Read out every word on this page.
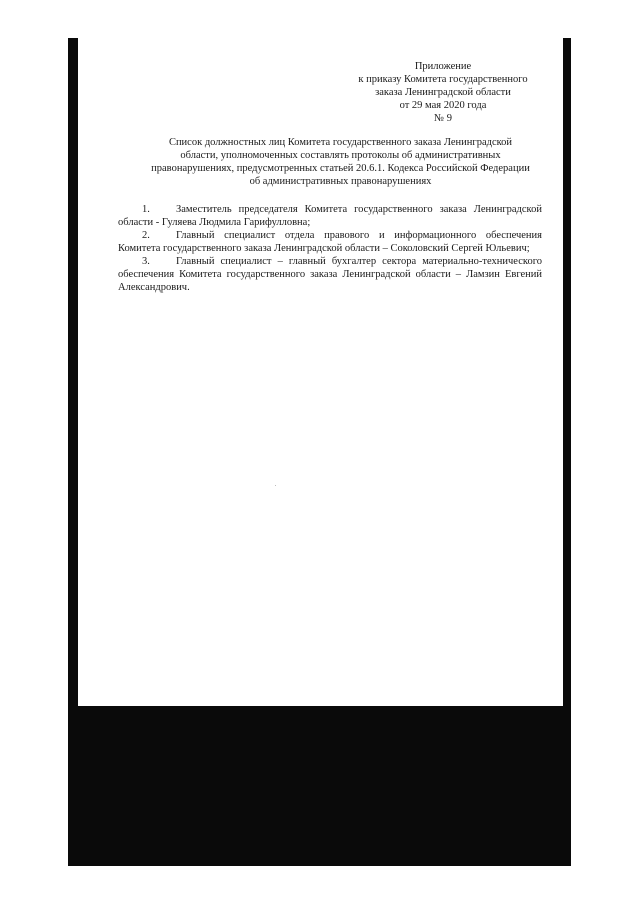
Приложение
к приказу Комитета государственного
заказа Ленинградской области
от 29 мая 2020 года
№ 9
Список должностных лиц Комитета государственного заказа Ленинградской
области, уполномоченных составлять протоколы об административных
правонарушениях, предусмотренных статьей 20.6.1. Кодекса Российской Федерации
об административных правонарушениях
1. Заместитель председателя Комитета государственного заказа Ленинградской области - Гуляева Людмила Гарифулловна;
2. Главный специалист отдела правового и информационного обеспечения Комитета государственного заказа Ленинградской области – Соколовский Сергей Юльевич;
3. Главный специалист – главный бухгалтер сектора материально-технического обеспечения Комитета государственного заказа Ленинградской области – Ламзин Евгений Александрович.
